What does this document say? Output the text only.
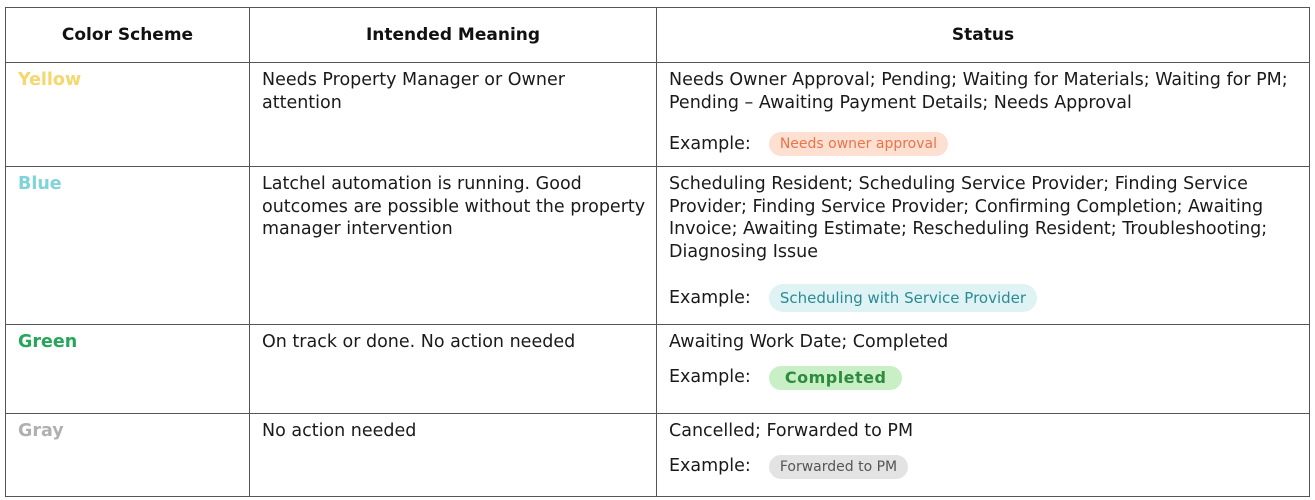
Color Scheme	Intended Meaning	Status
Yellow	Needs Property Manager or Owner attention	Needs Owner Approval; Pending; Waiting for Materials; Waiting for PM; Pending – Awaiting Payment Details; Needs Approval
Example: Needs owner approval

Blue	Latchel automation is running. Good outcomes are possible without the property manager intervention	Scheduling Resident; Scheduling Service Provider; Finding Service Provider; Finding Service Provider; Confirming Completion; Awaiting Invoice; Awaiting Estimate; Rescheduling Resident; Troubleshooting; Diagnosing Issue
Example: Scheduling with Service Provider

Green	On track or done. No action needed	Awaiting Work Date; Completed
Example: Completed

Gray	No action needed	Cancelled; Forwarded to PM
Example: Forwarded to PM
